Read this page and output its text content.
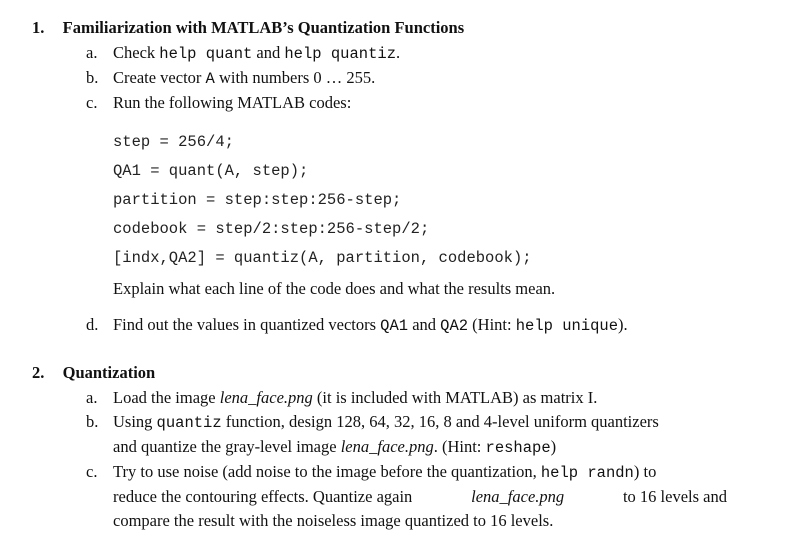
1. Familiarization with MATLAB’s Quantization Functions
a. Check help quant and help quantiz.
b. Create vector A with numbers 0 … 255.
c. Run the following MATLAB codes:
step = 256/4;
QA1 = quant(A, step);
partition = step:step:256-step;
codebook = step/2:step:256-step/2;
[indx,QA2] = quantiz(A, partition, codebook);
Explain what each line of the code does and what the results mean.
d. Find out the values in quantized vectors QA1 and QA2 (Hint: help unique).
2. Quantization
a. Load the image lena_face.png (it is included with MATLAB) as matrix I.
b. Using quantiz function, design 128, 64, 32, 16, 8 and 4-level uniform quantizers
and quantize the gray-level image lena_face.png. (Hint: reshape)
c. Try to use noise (add noise to the image before the quantization, help randn) to
reduce the contouring effects. Quantize again	lena_face.png	to 16 levels and
compare the result with the noiseless image quantized to 16 levels.
